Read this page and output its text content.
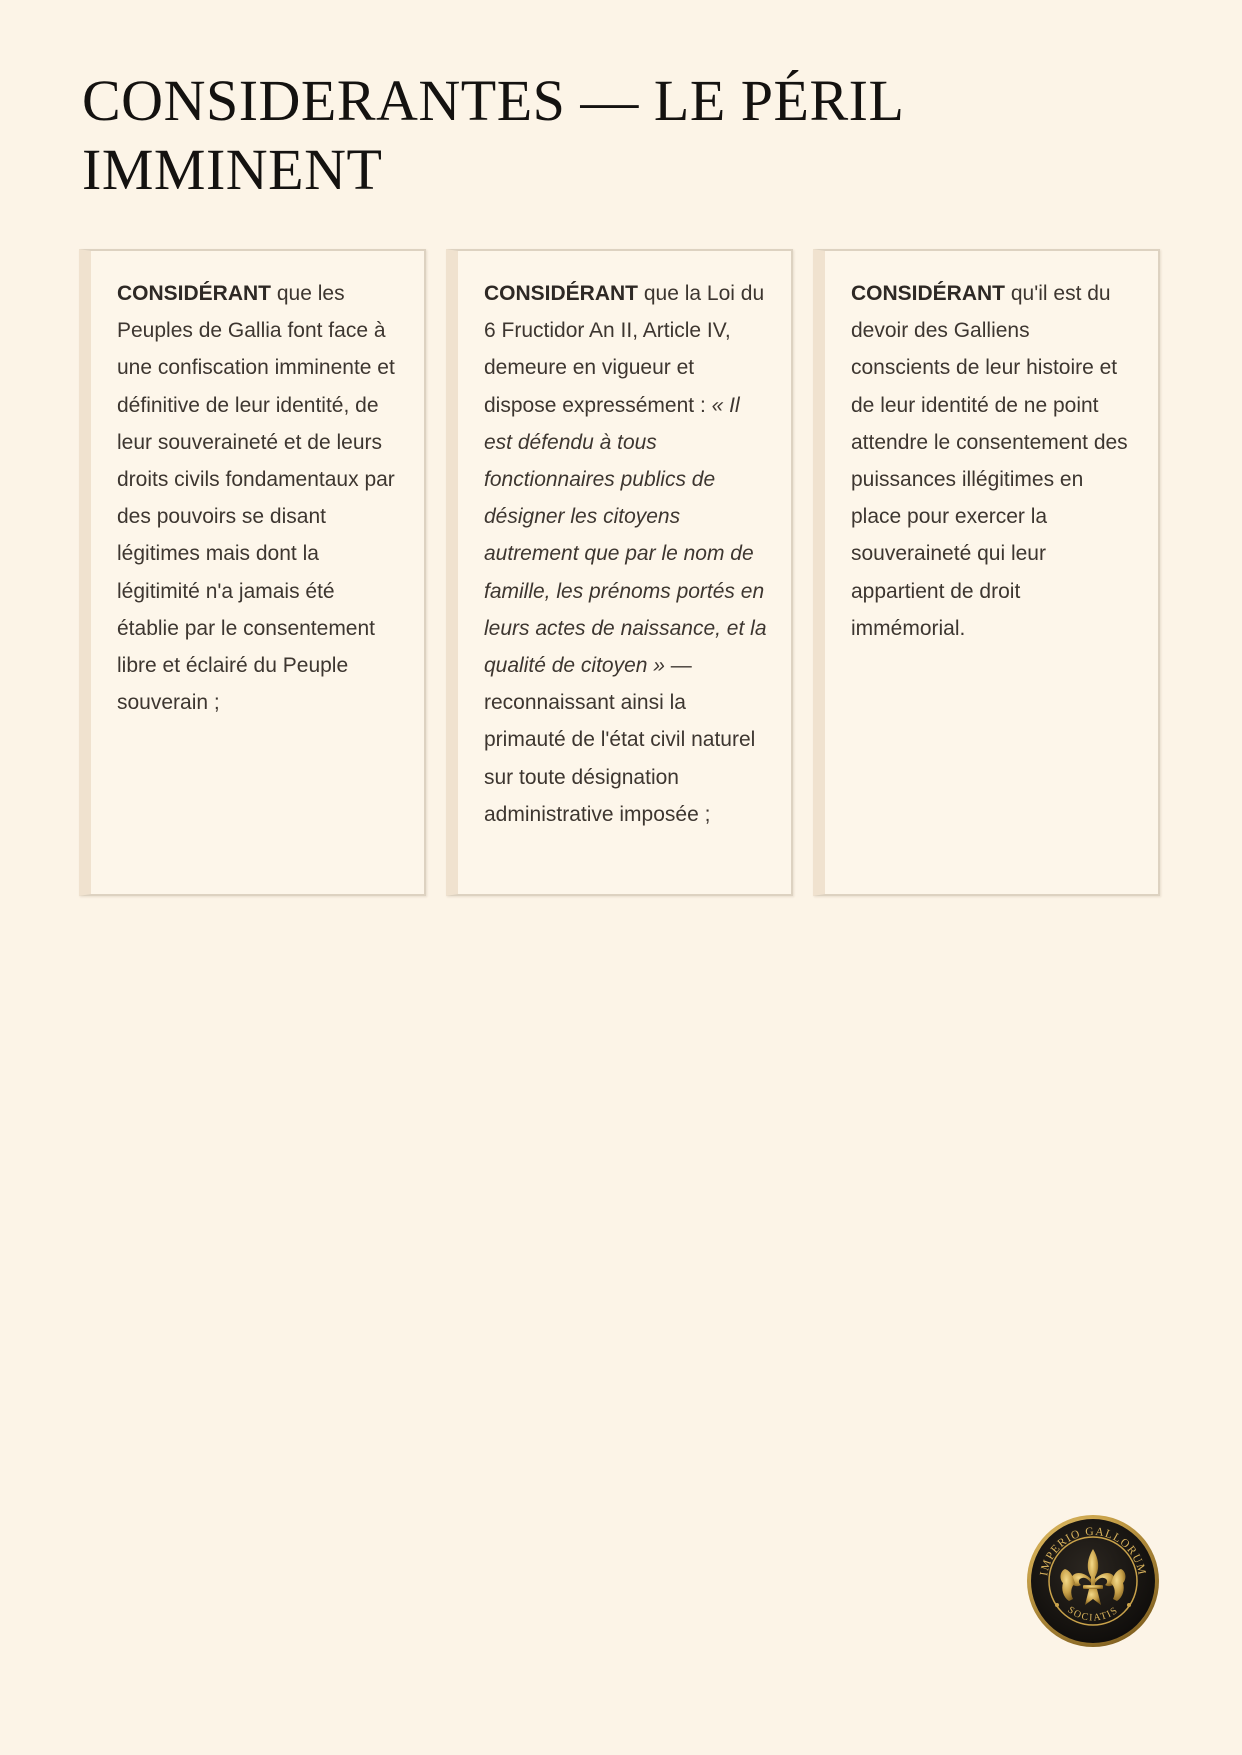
CONSIDERANTES — LE PÉRIL IMMINENT

CONSIDÉRANT que les Peuples de Gallia font face à une confiscation imminente et définitive de leur identité, de leur souveraineté et de leurs droits civils fondamentaux par des pouvoirs se disant légitimes mais dont la légitimité n'a jamais été établie par le consentement libre et éclairé du Peuple souverain ;

CONSIDÉRANT que la Loi du 6 Fructidor An II, Article IV, demeure en vigueur et dispose expressément : « Il est défendu à tous fonctionnaires publics de désigner les citoyens autrement que par le nom de famille, les prénoms portés en leurs actes de naissance, et la qualité de citoyen » — reconnaissant ainsi la primauté de l'état civil naturel sur toute désignation administrative imposée ;

CONSIDÉRANT qu'il est du devoir des Galliens conscients de leur histoire et de leur identité de ne point attendre le consentement des puissances illégitimes en place pour exercer la souveraineté qui leur appartient de droit immémorial.

IMPERIO GALLORUM
SOCIATIS
